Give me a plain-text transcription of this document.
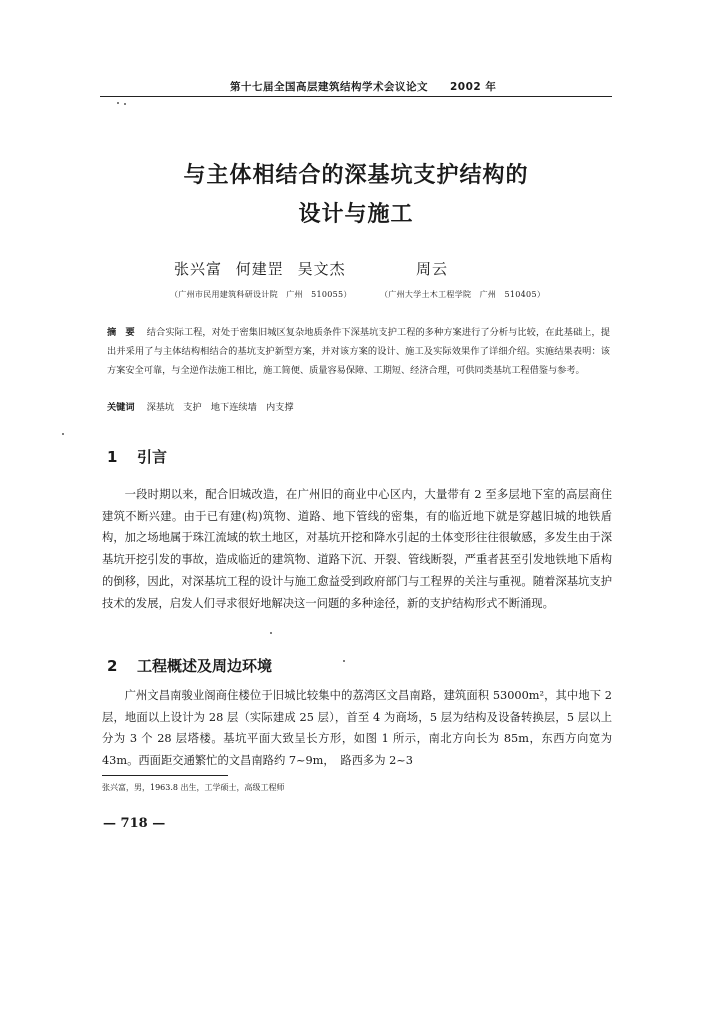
第十七届全国高层建筑结构学术会议论文　　2002 年
与主体相结合的深基坑支护结构的
设计与施工
张兴富 何建罡 吴文杰	周云
（广州市民用建筑科研设计院　广州　510055）	（广州大学土木工程学院　广州　510405）
摘　要 结合实际工程，对处于密集旧城区复杂地质条件下深基坑支护工程的多种方案进行了分析与比较，在此基础上，提出并采用了与主体结构相结合的基坑支护新型方案，并对该方案的设计、施工及实际效果作了详细介绍。实施结果表明：该方案安全可靠，与全逆作法施工相比，施工简便、质量容易保障、工期短、经济合理，可供同类基坑工程借鉴与参考。
关键词 深基坑　支护　地下连续墙　内支撑
1 引言
一段时期以来，配合旧城改造，在广州旧的商业中心区内，大量带有 2 至多层地下室的高层商住建筑不断兴建。由于已有建(构)筑物、道路、地下管线的密集，有的临近地下就是穿越旧城的地铁盾构，加之场地属于珠江流域的软土地区，对基坑开挖和降水引起的土体变形往往很敏感，多发生由于深基坑开挖引发的事故，造成临近的建筑物、道路下沉、开裂、管线断裂，严重者甚至引发地铁地下盾构的倒移，因此，对深基坑工程的设计与施工愈益受到政府部门与工程界的关注与重视。随着深基坑支护技术的发展，启发人们寻求很好地解决这一问题的多种途径，新的支护结构形式不断涌现。
2 工程概述及周边环境
广州文昌南骏业阁商住楼位于旧城比较集中的荔湾区文昌南路，建筑面积 53000m²，其中地下 2 层，地面以上设计为 28 层（实际建成 25 层），首至 4 为商场，5 层为结构及设备转换层，5 层以上分为 3 个 28 层塔楼。基坑平面大致呈长方形，如图 1 所示，南北方向长为 85m，东西方向宽为 43m。西面距交通繁忙的文昌南路约 7~9m，　路西多为 2~3
张兴富，男，1963.8 出生，工学硕士，高级工程师
— 718 —
